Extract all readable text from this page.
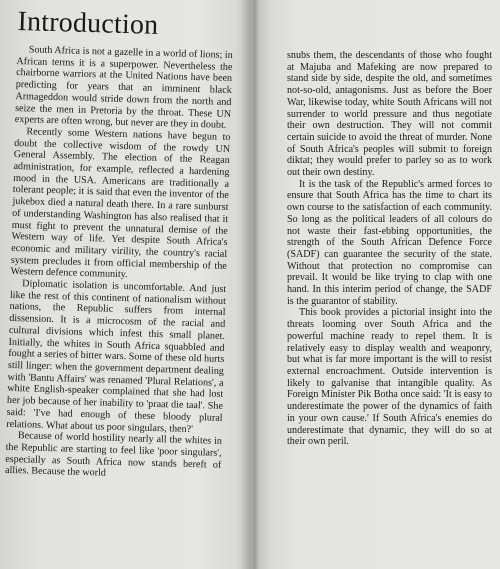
Introduction

South Africa is not a gazelle in a world of lions; in African terms it is a superpower. Nevertheless the chairborne warriors at the United Nations have been predicting for years that an imminent black Armageddon would stride down from the north and seize the men in Pretoria by the throat. These UN experts are often wrong, but never are they in doubt.

Recently some Western nations have begun to doubt the collective wisdom of the rowdy UN General Assembly. The election of the Reagan administration, for example, reflected a hardening mood in the USA. Americans are traditionally a tolerant people; it is said that even the inventor of the jukebox died a natural death there. In a rare sunburst of understanding Washington has also realised that it must fight to prevent the unnatural demise of the Western way of life. Yet despite South Africa's economic and military virility, the country's racial system precludes it from official membership of the Western defence community.

Diplomatic isolation is uncomfortable. And just like the rest of this continent of nationalism without nations, the Republic suffers from internal dissension. It is a microcosm of the racial and cultural divisions which infest this small planet. Initially, the whites in South Africa squabbled and fought a series of bitter wars. Some of these old hurts still linger: when the government department dealing with 'Bantu Affairs' was renamed 'Plural Relations', a white English-speaker complained that she had lost her job because of her inability to 'praat die taal'. She said: 'I've had enough of these bloody plural relations. What about us poor singulars, then?'

Because of world hostility nearly all the whites in the Republic are starting to feel like 'poor singulars', especially as South Africa now stands bereft of allies. Because the world

snubs them, the descendants of those who fought at Majuba and Mafeking are now prepared to stand side by side, despite the old, and sometimes not-so-old, antagonisms. Just as before the Boer War, likewise today, white South Africans will not surrender to world pressure and thus negotiate their own destruction. They will not commit certain suicide to avoid the threat of murder. None of South Africa's peoples will submit to foreign diktat; they would prefer to parley so as to work out their own destiny.

It is the task of the Republic's armed forces to ensure that South Africa has the time to chart its own course to the satisfaction of each community. So long as the political leaders of all colours do not waste their fast-ebbing opportunities, the strength of the South African Defence Force (SADF) can guarantee the security of the state. Without that protection no compromise can prevail. It would be like trying to clap with one hand. In this interim period of change, the SADF is the guarantor of stability.

This book provides a pictorial insight into the threats looming over South Africa and the powerful machine ready to repel them. It is relatively easy to display wealth and weaponry, but what is far more important is the will to resist external encroachment. Outside intervention is likely to galvanise that intangible quality. As Foreign Minister Pik Botha once said: 'It is easy to underestimate the power of the dynamics of faith in your own cause.' If South Africa's enemies do underestimate that dynamic, they will do so at their own peril.
